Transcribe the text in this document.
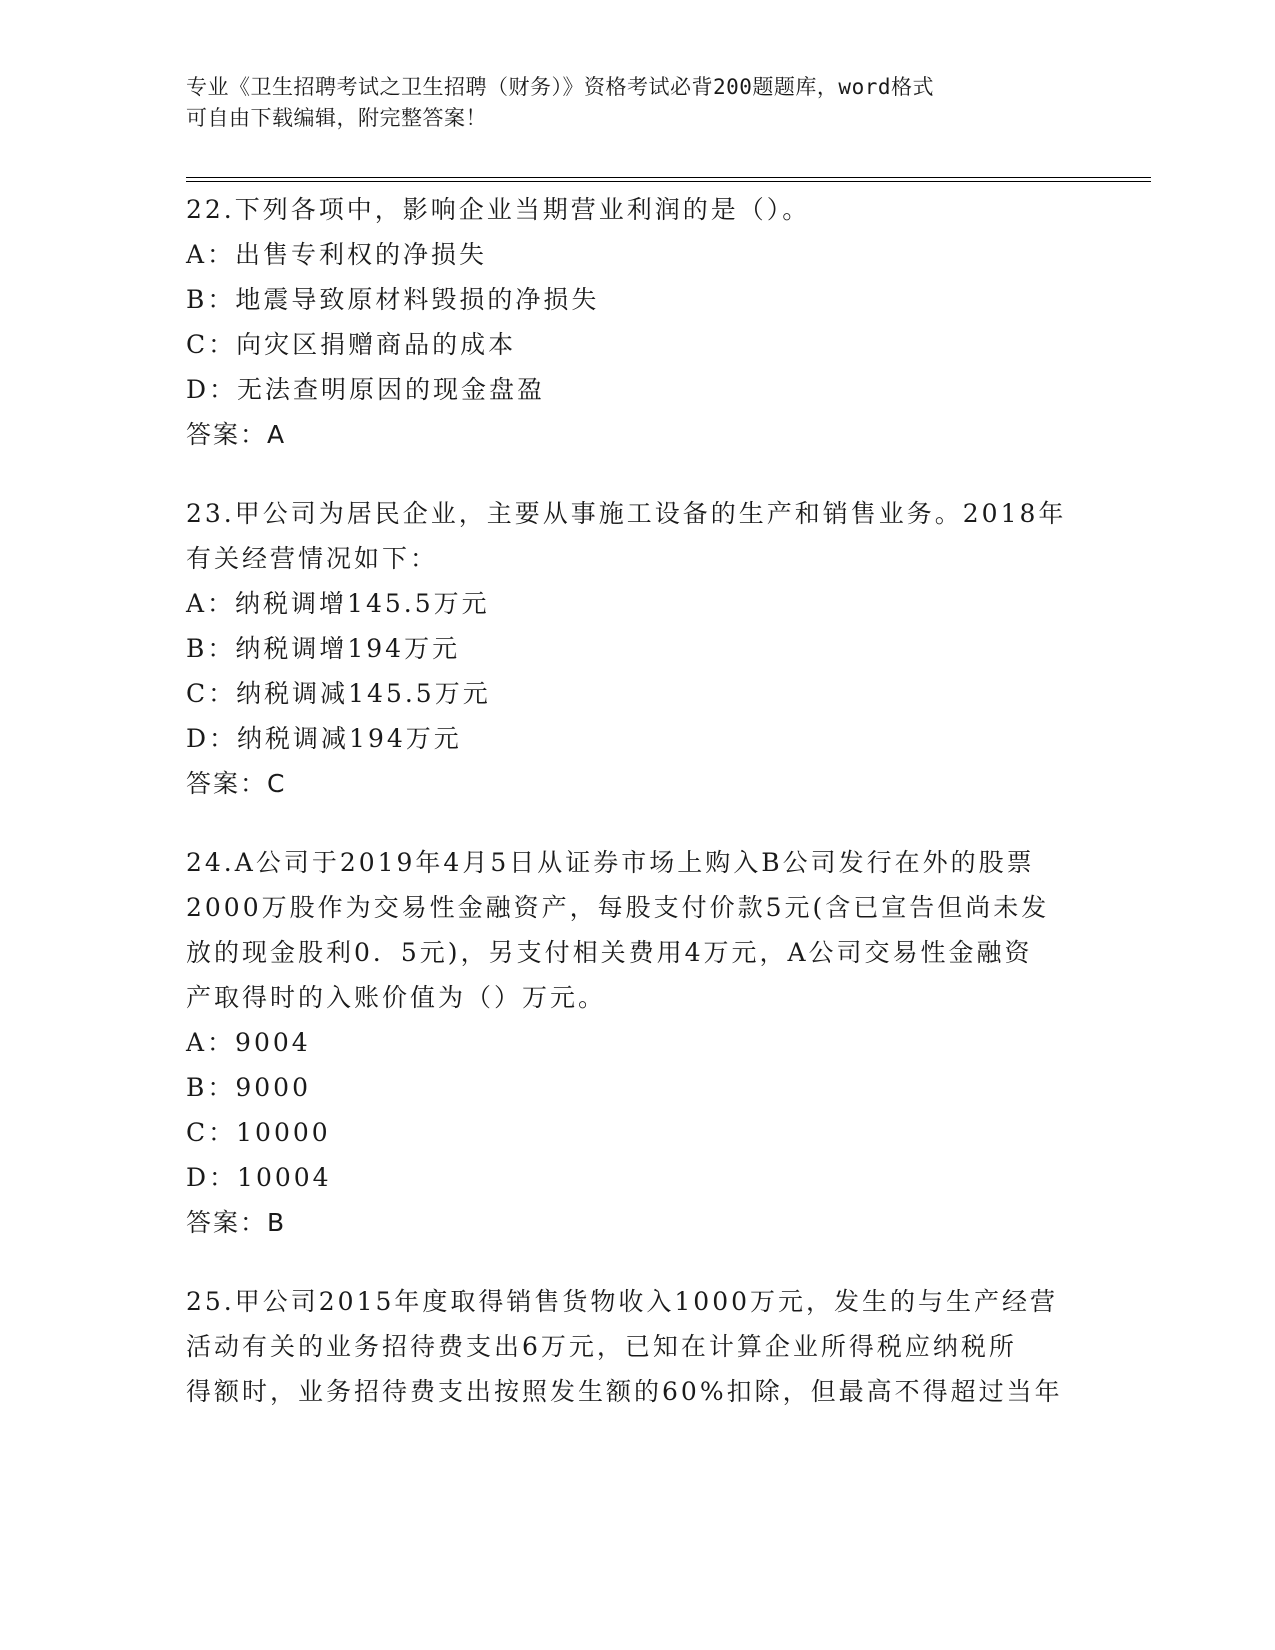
专业《卫生招聘考试之卫生招聘（财务）》资格考试必背200题题库，word格式
可自由下载编辑，附完整答案！
22.下列各项中，影响企业当期营业利润的是（）。
A：出售专利权的净损失
B：地震导致原材料毁损的净损失
C：向灾区捐赠商品的成本
D：无法查明原因的现金盘盈
答案：A
23.甲公司为居民企业，主要从事施工设备的生产和销售业务。2018年
有关经营情况如下：
A：纳税调增145.5万元
B：纳税调增194万元
C：纳税调减145.5万元
D：纳税调减194万元
答案：C
24.A公司于2019年4月5日从证券市场上购入B公司发行在外的股票
2000万股作为交易性金融资产，每股支付价款5元(含已宣告但尚未发
放的现金股利0．5元)，另支付相关费用4万元，A公司交易性金融资
产取得时的入账价值为（）万元。
A：9004
B：9000
C：10000
D：10004
答案：B
25.甲公司2015年度取得销售货物收入1000万元，发生的与生产经营
活动有关的业务招待费支出6万元，已知在计算企业所得税应纳税所
得额时，业务招待费支出按照发生额的60%扣除，但最高不得超过当年
